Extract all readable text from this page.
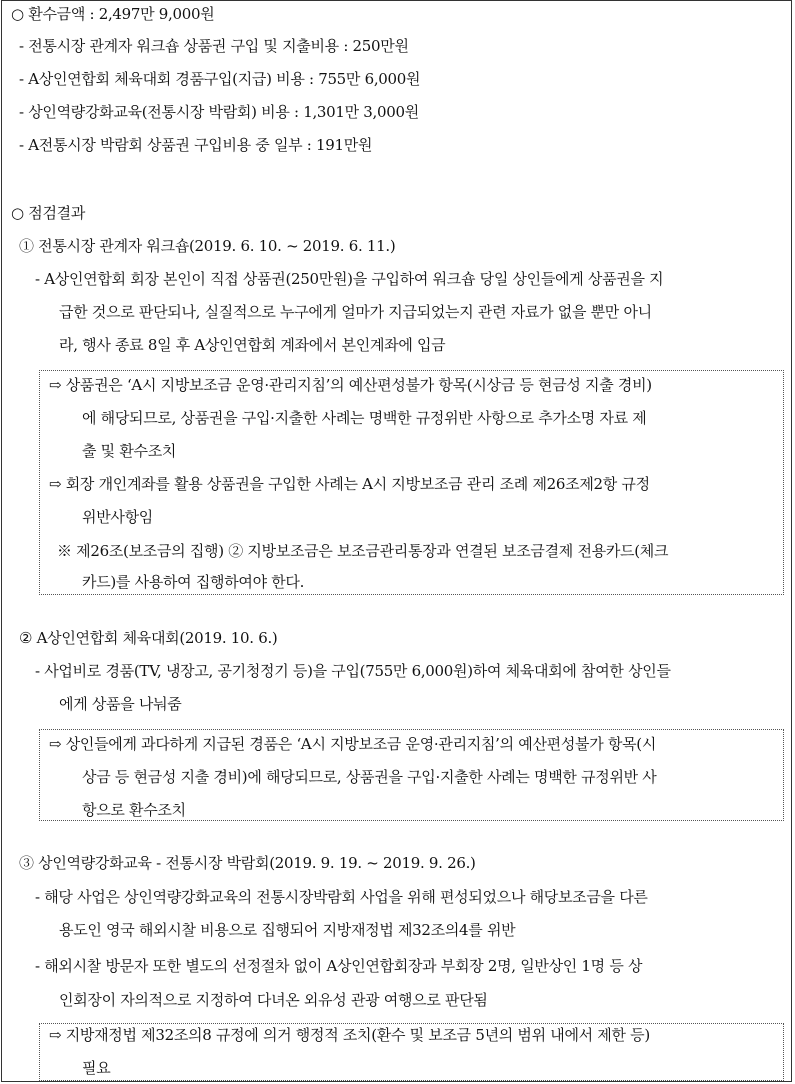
○ 환수금액 : 2,497만 9,000원
- 전통시장 관계자 워크숍 상품권 구입 및 지출비용 : 250만원
- A상인연합회 체육대회 경품구입(지급) 비용 : 755만 6,000원
- 상인역량강화교육(전통시장 박람회) 비용 : 1,301만 3,000원
- A전통시장 박람회 상품권 구입비용 중 일부 : 191만원
○ 점검결과
① 전통시장 관계자 워크숍(2019. 6. 10. ~ 2019. 6. 11.)
- A상인연합회 회장 본인이 직접 상품권(250만원)을 구입하여 워크숍 당일 상인들에게 상품권을 지
급한 것으로 판단되나, 실질적으로 누구에게 얼마가 지급되었는지 관련 자료가 없을 뿐만 아니
라, 행사 종료 8일 후 A상인연합회 계좌에서 본인계좌에 입금
⇨ 상품권은 ‘A시 지방보조금 운영·관리지침’의 예산편성불가 항목(시상금 등 현금성 지출 경비)
에 해당되므로, 상품권을 구입·지출한 사례는 명백한 규정위반 사항으로 추가소명 자료 제
출 및 환수조치
⇨ 회장 개인계좌를 활용 상품권을 구입한 사례는 A시 지방보조금 관리 조례 제26조제2항 규정
위반사항임
※ 제26조(보조금의 집행) ② 지방보조금은 보조금관리통장과 연결된 보조금결제 전용카드(체크
카드)를 사용하여 집행하여야 한다.
② A상인연합회 체육대회(2019. 10. 6.)
- 사업비로 경품(TV, 냉장고, 공기청정기 등)을 구입(755만 6,000원)하여 체육대회에 참여한 상인들
에게 상품을 나눠줌
⇨ 상인들에게 과다하게 지급된 경품은 ‘A시 지방보조금 운영·관리지침’의 예산편성불가 항목(시
상금 등 현금성 지출 경비)에 해당되므로, 상품권을 구입·지출한 사례는 명백한 규정위반 사
항으로 환수조치
③ 상인역량강화교육 - 전통시장 박람회(2019. 9. 19. ~ 2019. 9. 26.)
- 해당 사업은 상인역량강화교육의 전통시장박람회 사업을 위해 편성되었으나 해당보조금을 다른
용도인 영국 해외시찰 비용으로 집행되어 지방재정법 제32조의4를 위반
- 해외시찰 방문자 또한 별도의 선정절차 없이 A상인연합회장과 부회장 2명, 일반상인 1명 등 상
인회장이 자의적으로 지정하여 다녀온 외유성 관광 여행으로 판단됨
⇨ 지방재정법 제32조의8 규정에 의거 행정적 조치(환수 및 보조금 5년의 범위 내에서 제한 등)
필요
